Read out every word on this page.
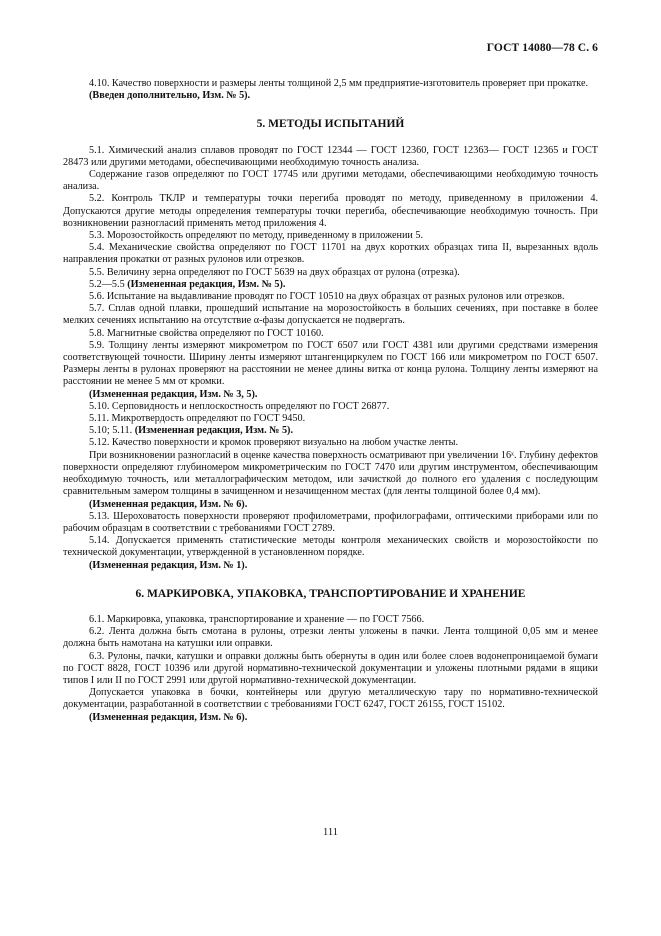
ГОСТ 14080—78 С. 6

4.10. Качество поверхности и размеры ленты толщиной 2,5 мм предприятие-изготовитель проверяет при прокатке.

(Введен дополнительно, Изм. № 5).

5. МЕТОДЫ ИСПЫТАНИЙ

5.1. Химический анализ сплавов проводят по ГОСТ 12344 — ГОСТ 12360, ГОСТ 12363— ГОСТ 12365 и ГОСТ 28473 или другими методами, обеспечивающими необходимую точность анализа.

Содержание газов определяют по ГОСТ 17745 или другими методами, обеспечивающими необходимую точность анализа.

5.2. Контроль ТКЛР и температуры точки перегиба проводят по методу, приведенному в приложении 4. Допускаются другие методы определения температуры точки перегиба, обеспечивающие необходимую точность. При возникновении разногласий применять метод приложения 4.

5.3. Морозостойкость определяют по методу, приведенному в приложении 5.

5.4. Механические свойства определяют по ГОСТ 11701 на двух коротких образцах типа II, вырезанных вдоль направления прокатки от разных рулонов или отрезков.

5.5. Величину зерна определяют по ГОСТ 5639 на двух образцах от рулона (отрезка).

5.2—5.5 (Измененная редакция, Изм. № 5).

5.6. Испытание на выдавливание проводят по ГОСТ 10510 на двух образцах от разных рулонов или отрезков.

5.7. Сплав одной плавки, прошедший испытание на морозостойкость в больших сечениях, при поставке в более мелких сечениях испытанию на отсутствие α-фазы допускается не подвергать.

5.8. Магнитные свойства определяют по ГОСТ 10160.

5.9. Толщину ленты измеряют микрометром по ГОСТ 6507 или ГОСТ 4381 или другими средствами измерения соответствующей точности. Ширину ленты измеряют штангенциркулем по ГОСТ 166 или микрометром по ГОСТ 6507. Размеры ленты в рулонах проверяют на расстоянии не менее длины витка от конца рулона. Толщину ленты измеряют на расстоянии не менее 5 мм от кромки.

(Измененная редакция, Изм. № 3, 5).

5.10. Серповидность и неплоскостность определяют по ГОСТ 26877.

5.11. Микротвердость определяют по ГОСТ 9450.

5.10; 5.11. (Измененная редакция, Изм. № 5).

5.12. Качество поверхности и кромок проверяют визуально на любом участке ленты.

При возникновении разногласий в оценке качества поверхность осматривают при увеличении 16ˣ. Глубину дефектов поверхности определяют глубиномером микрометрическим по ГОСТ 7470 или другим инструментом, обеспечивающим необходимую точность, или металлографическим методом, или зачисткой до полного его удаления с последующим сравнительным замером толщины в зачищенном и незачищенном местах (для ленты толщиной более 0,4 мм).

(Измененная редакция, Изм. № 6).

5.13. Шероховатость поверхности проверяют профилометрами, профилографами, оптическими приборами или по рабочим образцам в соответствии с требованиями ГОСТ 2789.

5.14. Допускается применять статистические методы контроля механических свойств и морозостойкости по технической документации, утвержденной в установленном порядке.

(Измененная редакция, Изм. № 1).

6. МАРКИРОВКА, УПАКОВКА, ТРАНСПОРТИРОВАНИЕ И ХРАНЕНИЕ

6.1. Маркировка, упаковка, транспортирование и хранение — по ГОСТ 7566.

6.2. Лента должна быть смотана в рулоны, отрезки ленты уложены в пачки. Лента толщиной 0,05 мм и менее должна быть намотана на катушки или оправки.

6.3. Рулоны, пачки, катушки и оправки должны быть обернуты в один или более слоев водонепроницаемой бумаги по ГОСТ 8828, ГОСТ 10396 или другой нормативно-технической документации и уложены плотными рядами в ящики типов I или II по ГОСТ 2991 или другой нормативно-технической документации.

Допускается упаковка в бочки, контейнеры или другую металлическую тару по нормативно-технической документации, разработанной в соответствии с требованиями ГОСТ 6247, ГОСТ 26155, ГОСТ 15102.

(Измененная редакция, Изм. № 6).

111
